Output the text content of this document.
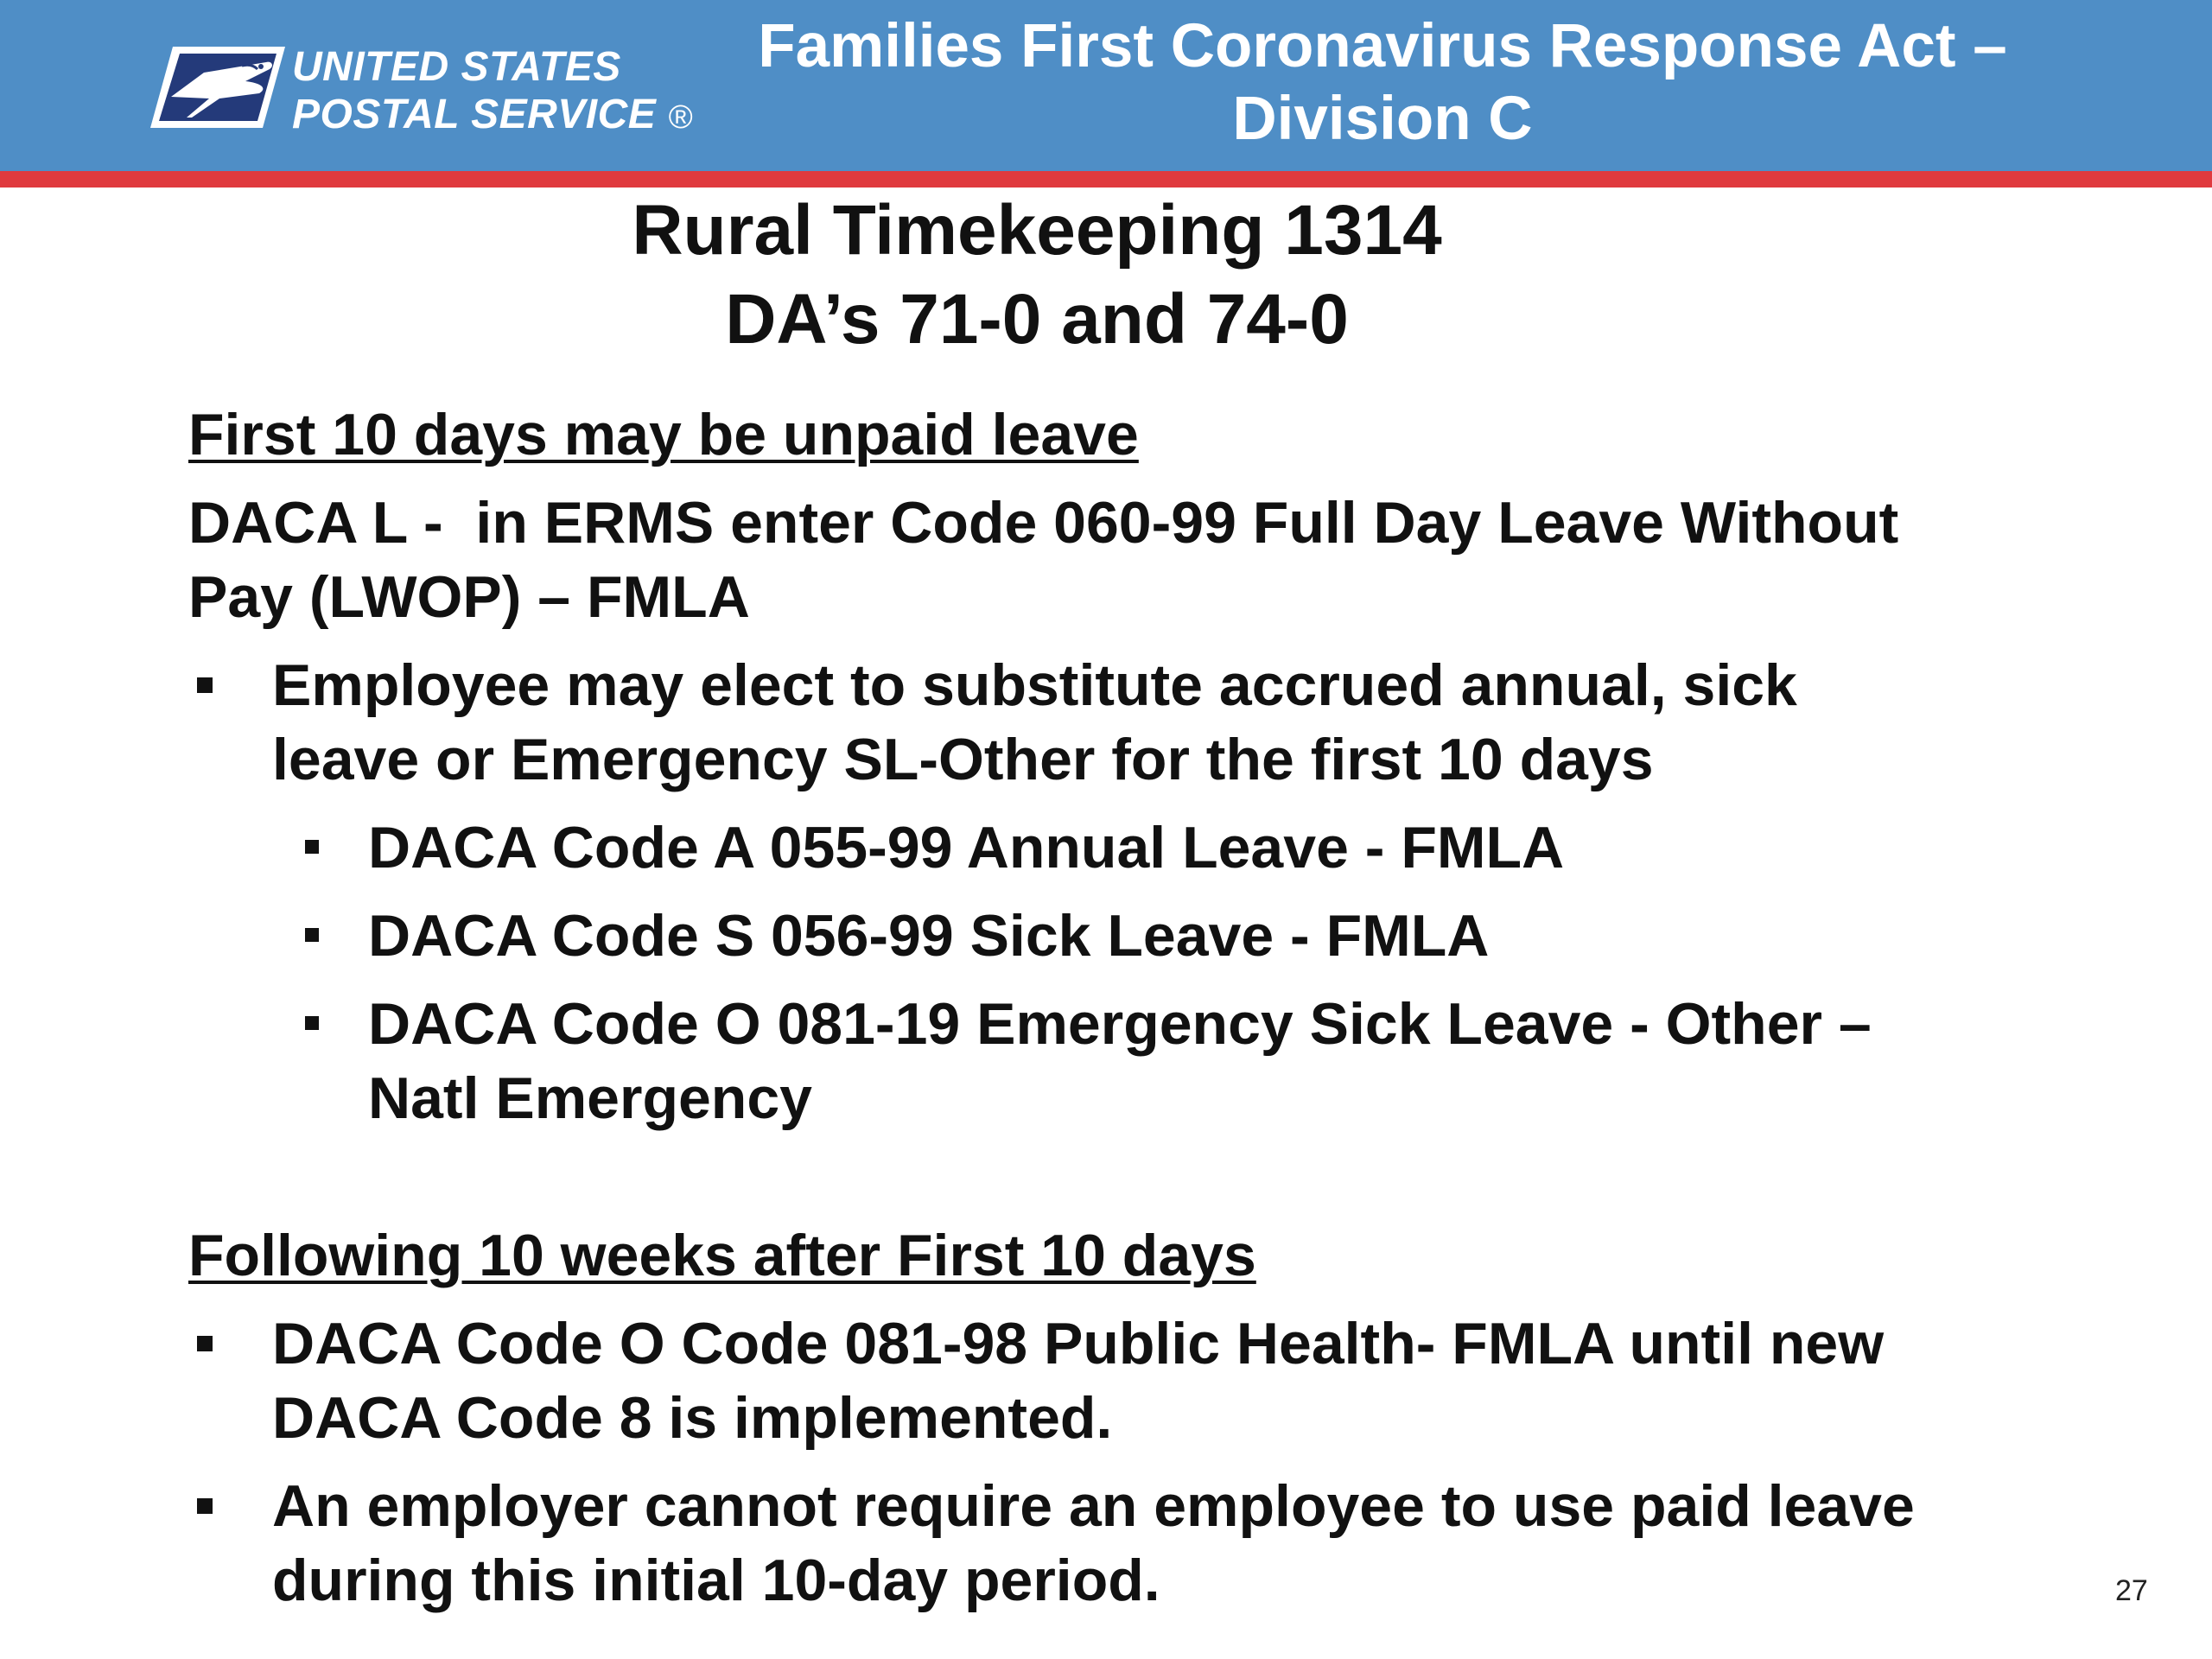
UNITED STATES
POSTAL SERVICE ®
Families First Coronavirus Response Act –
Division C
Rural Timekeeping 1314
DA’s 71-0 and 74-0
First 10 days may be unpaid leave
DACA L -  in ERMS enter Code 060-99 Full Day Leave Without
Pay (LWOP) – FMLA
Employee may elect to substitute accrued annual, sick
leave or Emergency SL-Other for the first 10 days
DACA Code A 055-99 Annual Leave - FMLA
DACA Code S 056-99 Sick Leave - FMLA
DACA Code O 081-19 Emergency Sick Leave - Other –
Natl Emergency
Following 10 weeks after First 10 days
DACA Code O Code 081-98 Public Health- FMLA until new
DACA Code 8 is implemented.
An employer cannot require an employee to use paid leave
during this initial 10-day period.	27
